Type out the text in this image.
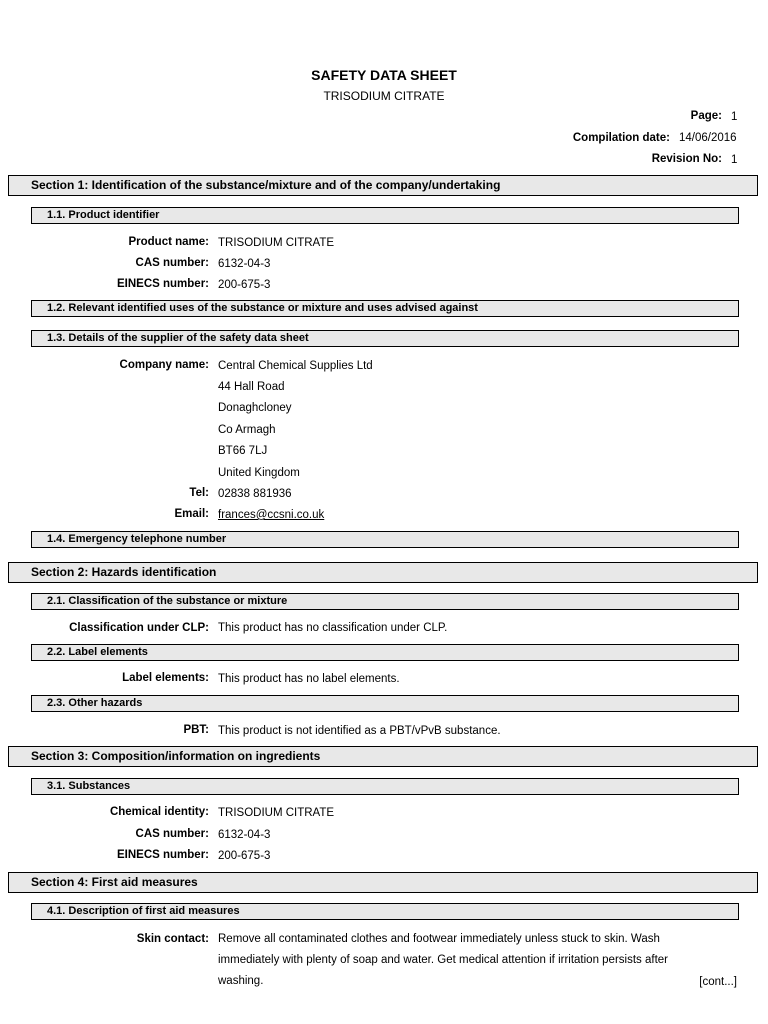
SAFETY DATA SHEET
TRISODIUM CITRATE
Page: 1
Compilation date: 14/06/2016
Revision No: 1
Section 1: Identification of the substance/mixture and of the company/undertaking
1.1. Product identifier
Product name: TRISODIUM CITRATE
CAS number: 6132-04-3
EINECS number: 200-675-3
1.2. Relevant identified uses of the substance or mixture and uses advised against
1.3. Details of the supplier of the safety data sheet
Company name: Central Chemical Supplies Ltd
44 Hall Road
Donaghcloney
Co Armagh
BT66 7LJ
United Kingdom
Tel: 02838 881936
Email: frances@ccsni.co.uk
1.4. Emergency telephone number
Section 2: Hazards identification
2.1. Classification of the substance or mixture
Classification under CLP: This product has no classification under CLP.
2.2. Label elements
Label elements: This product has no label elements.
2.3. Other hazards
PBT: This product is not identified as a PBT/vPvB substance.
Section 3: Composition/information on ingredients
3.1. Substances
Chemical identity: TRISODIUM CITRATE
CAS number: 6132-04-3
EINECS number: 200-675-3
Section 4: First aid measures
4.1. Description of first aid measures
Skin contact: Remove all contaminated clothes and footwear immediately unless stuck to skin. Wash immediately with plenty of soap and water. Get medical attention if irritation persists after washing.	[cont...]
